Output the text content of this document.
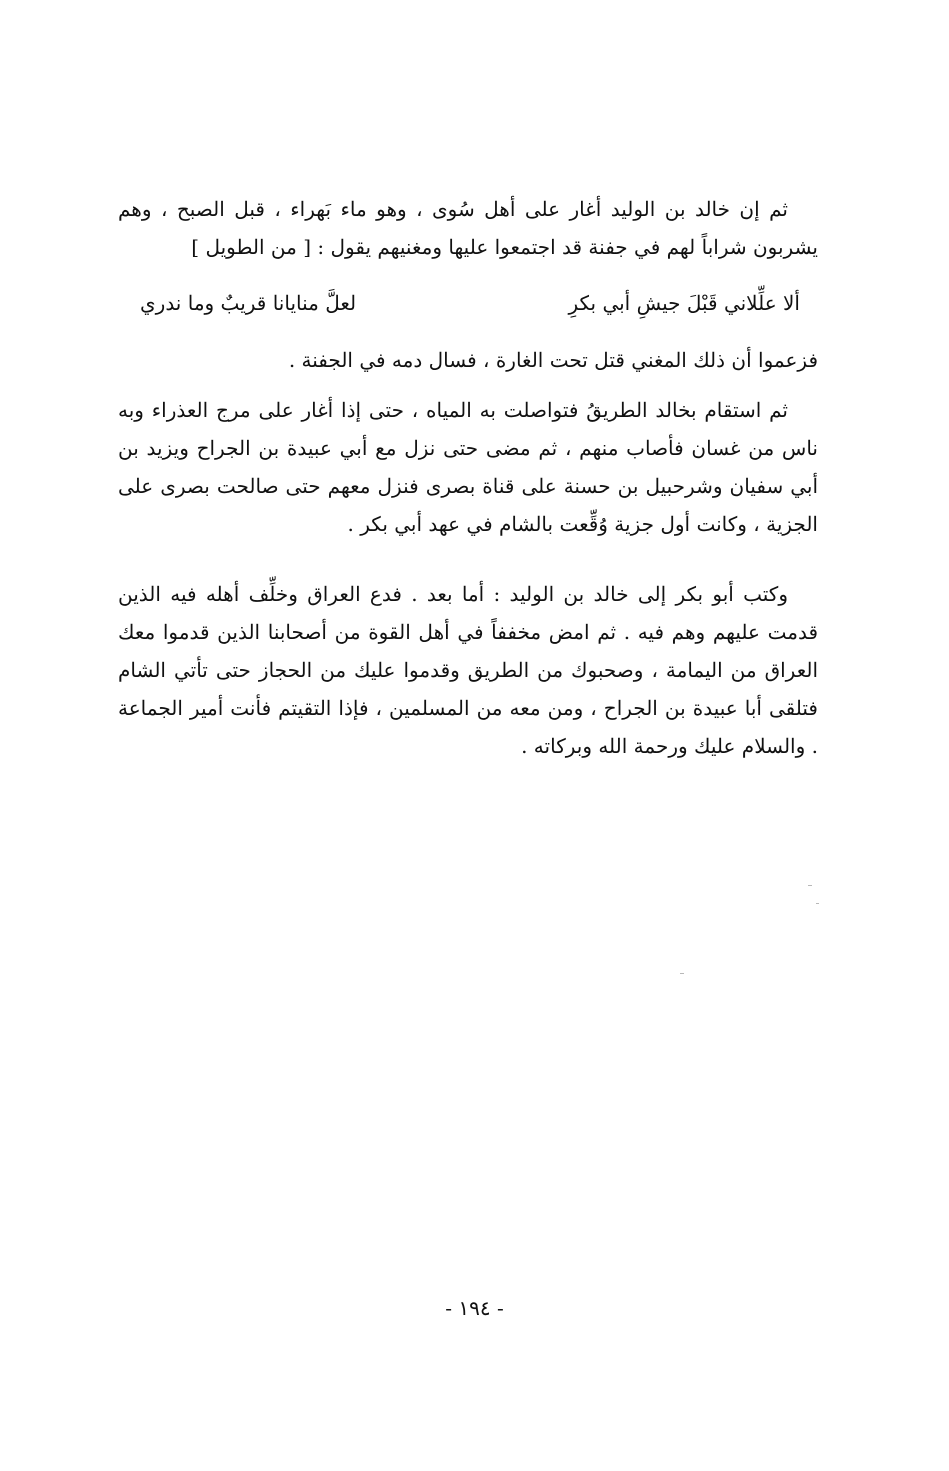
ثم إن خالد بن الوليد أغار على أهل سُوى ، وهو ماء بَهراء ، قبل الصبح ، وهم يشربون شراباً لهم في جفنة قد اجتمعوا عليها ومغنيهم يقول : [ من الطويل ]

ألا علِّلاني قَبْلَ جيشِ أبي بكرِ
لعلَّ منايانا قريبٌ وما ندري

فزعموا أن ذلك المغني قتل تحت الغارة ، فسال دمه في الجفنة .

ثم استقام بخالد الطريقُ فتواصلت به المياه ، حتى إذا أغار على مرج العذراء وبه ناس من غسان فأصاب منهم ، ثم مضى حتى نزل مع أبي عبيدة بن الجراح ويزيد بن أبي سفيان وشرحبيل بن حسنة على قناة بصرى فنزل معهم حتى صالحت بصرى على الجزية ، وكانت أول جزية وُقِّعت بالشام في عهد أبي بكر .

وكتب أبو بكر إلى خالد بن الوليد : أما بعد . فدع العراق وخلِّف أهله فيه الذين قدمت عليهم وهم فيه . ثم امض مخففاً في أهل القوة من أصحابنا الذين قدموا معك العراق من اليمامة ، وصحبوك من الطريق وقدموا عليك من الحجاز حتى تأتي الشام فتلقى أبا عبيدة بن الجراح ، ومن معه من المسلمين ، فإذا التقيتم فأنت أمير الجماعة . والسلام عليك ورحمة الله وبركاته .

- ١٩٤ -
